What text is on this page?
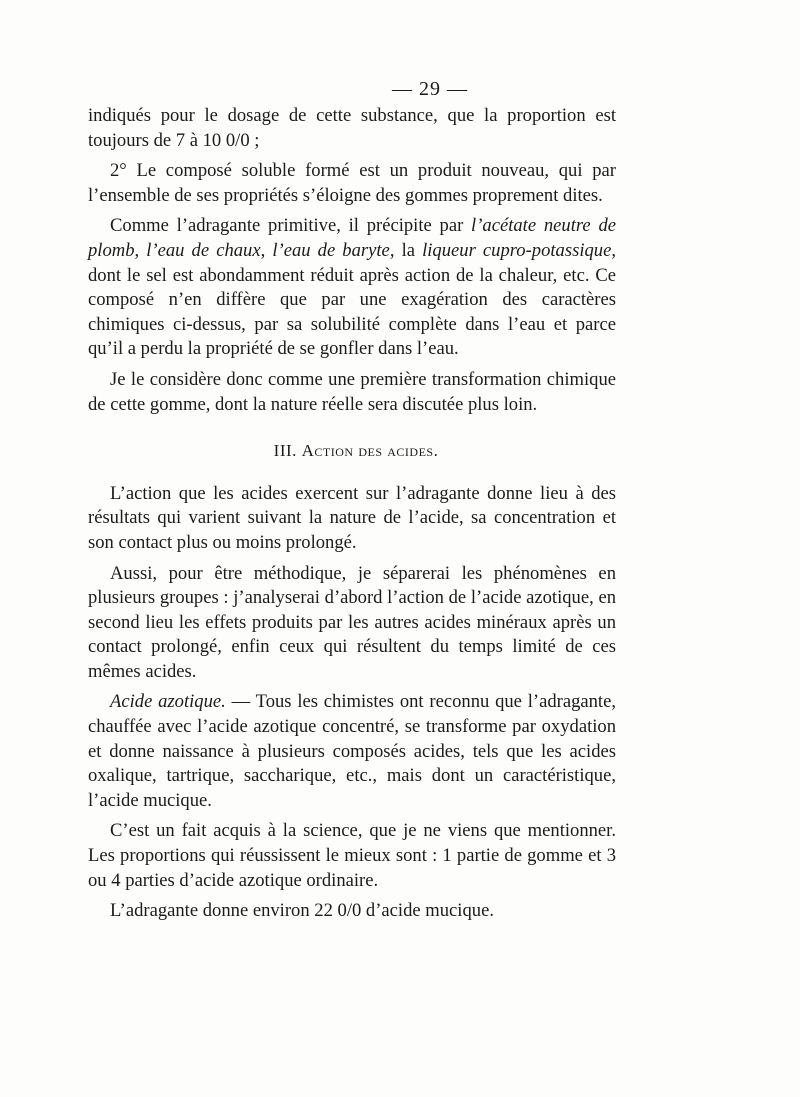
— 29 —

indiqués pour le dosage de cette substance, que la proportion est toujours de 7 à 10 0/0 ;

2° Le composé soluble formé est un produit nouveau, qui par l’ensemble de ses propriétés s’éloigne des gommes proprement dites.

Comme l’adragante primitive, il précipite par l’acétate neutre de plomb, l’eau de chaux, l’eau de baryte, la liqueur cupro-potassique, dont le sel est abondamment réduit après action de la chaleur, etc. Ce composé n’en diffère que par une exagération des caractères chimiques ci-dessus, par sa solubilité complète dans l’eau et parce qu’il a perdu la propriété de se gonfler dans l’eau.

Je le considère donc comme une première transformation chimique de cette gomme, dont la nature réelle sera discutée plus loin.

III. Action des acides.

L’action que les acides exercent sur l’adragante donne lieu à des résultats qui varient suivant la nature de l’acide, sa concentration et son contact plus ou moins prolongé.

Aussi, pour être méthodique, je séparerai les phénomènes en plusieurs groupes : j’analyserai d’abord l’action de l’acide azotique, en second lieu les effets produits par les autres acides minéraux après un contact prolongé, enfin ceux qui résultent du temps limité de ces mêmes acides.

Acide azotique. — Tous les chimistes ont reconnu que l’adragante, chauffée avec l’acide azotique concentré, se transforme par oxydation et donne naissance à plusieurs composés acides, tels que les acides oxalique, tartrique, saccharique, etc., mais dont un caractéristique, l’acide mucique.

C’est un fait acquis à la science, que je ne viens que mentionner. Les proportions qui réussissent le mieux sont : 1 partie de gomme et 3 ou 4 parties d’acide azotique ordinaire.

L’adragante donne environ 22 0/0 d’acide mucique.
